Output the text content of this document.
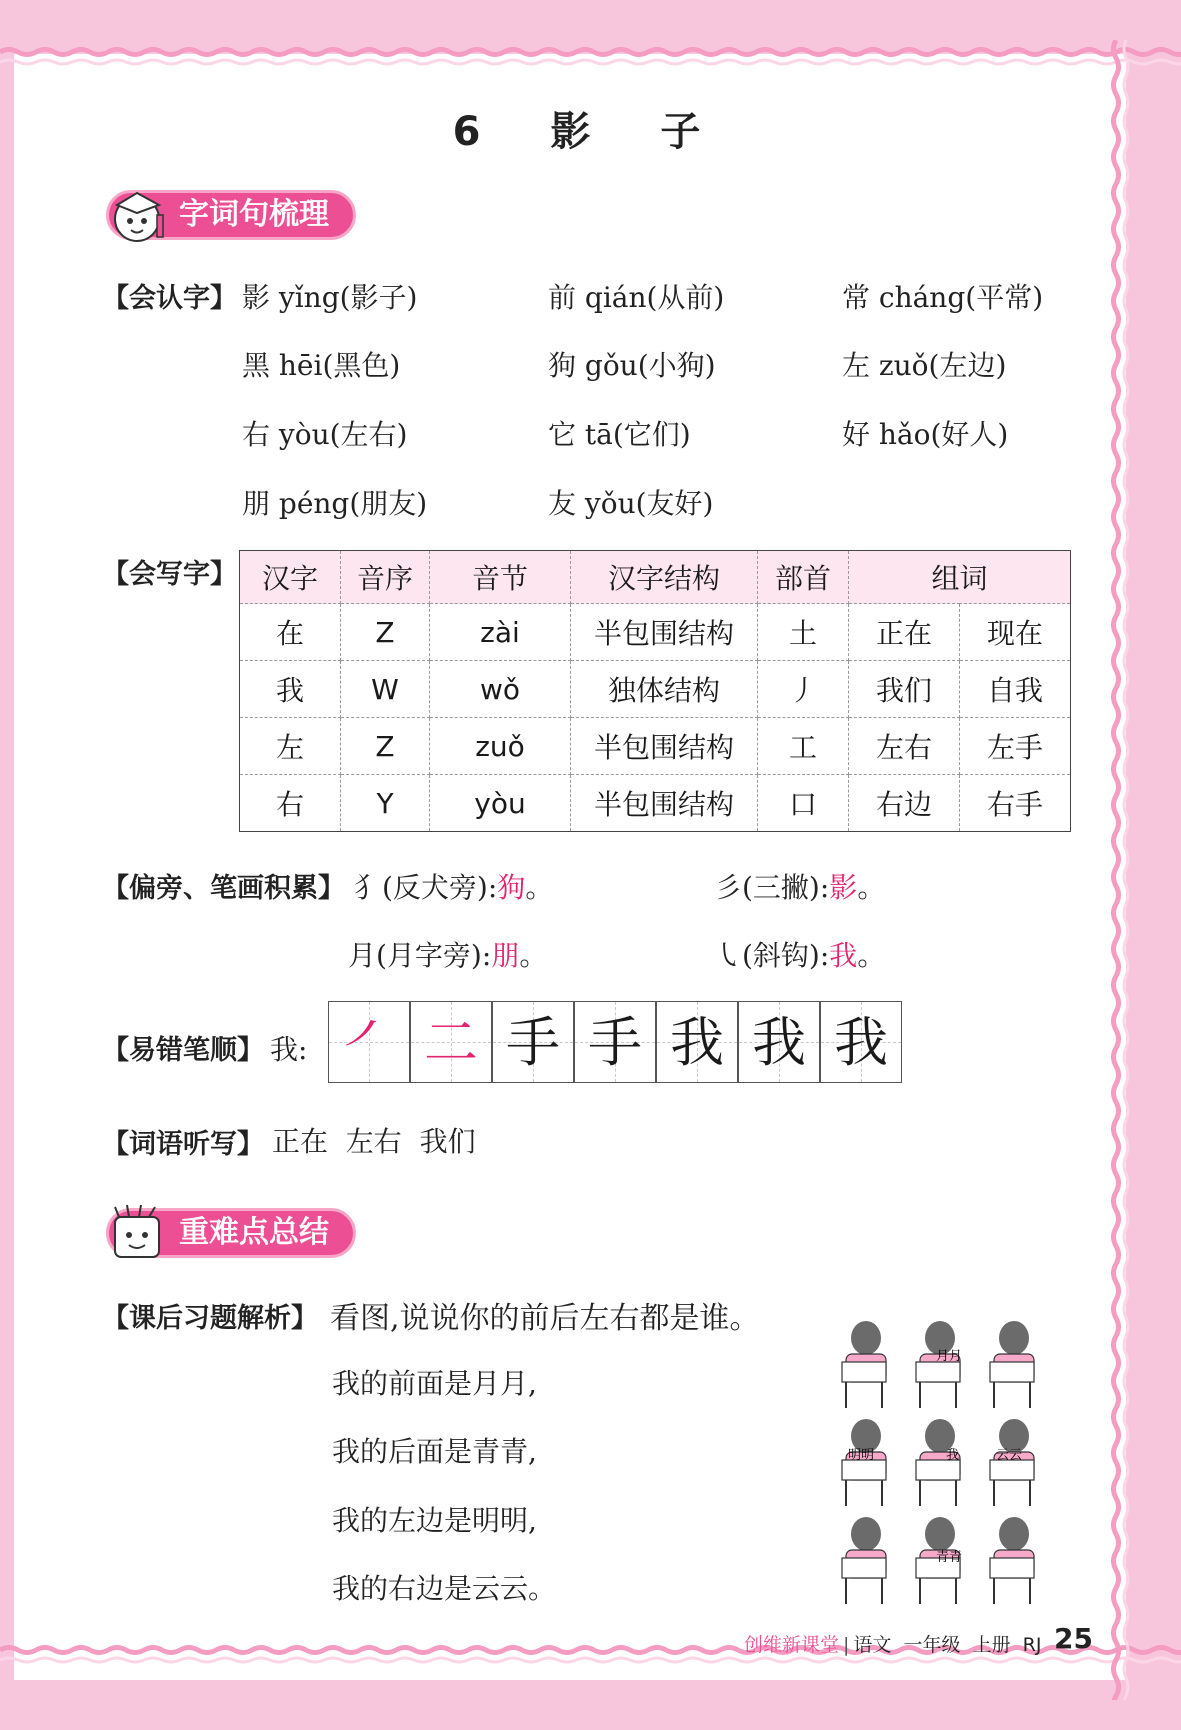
6 影 子
字词句梳理
【会认字】 影 yǐng(影子)	前 qián(从前)	常 cháng(平常)
黑 hēi(黑色)	狗 gǒu(小狗)	左 zuǒ(左边)
右 yòu(左右)	它 tā(它们)	好 hǎo(好人)
朋 péng(朋友)	友 yǒu(友好)
【会写字】 汉字	音序	音节	汉字结构	部首	组词	
在	Z	zài	半包围结构	土	正在	现在
我	W	wǒ	独体结构	丿	我们	自我
左	Z	zuǒ	半包围结构	工	左右	左手
右	Y	yòu	半包围结构	口	右边	右手
【偏旁、笔画积累】 犭(反犬旁):狗。	彡(三撇):影。
月(月字旁):朋。	㇂(斜钩):我。
【易错笔顺】 我: ㇒ 二 手 手 我 我 我
【词语听写】 正在  左右  我们
重难点总结
【课后习题解析】 看图,说说你的前后左右都是谁。
我的前面是月月,
我的后面是青青,
我的左边是明明,
我的右边是云云。
月月
明明	我	云云
青青
创维新课堂 | 语文  一年级  上册  RJ 25
